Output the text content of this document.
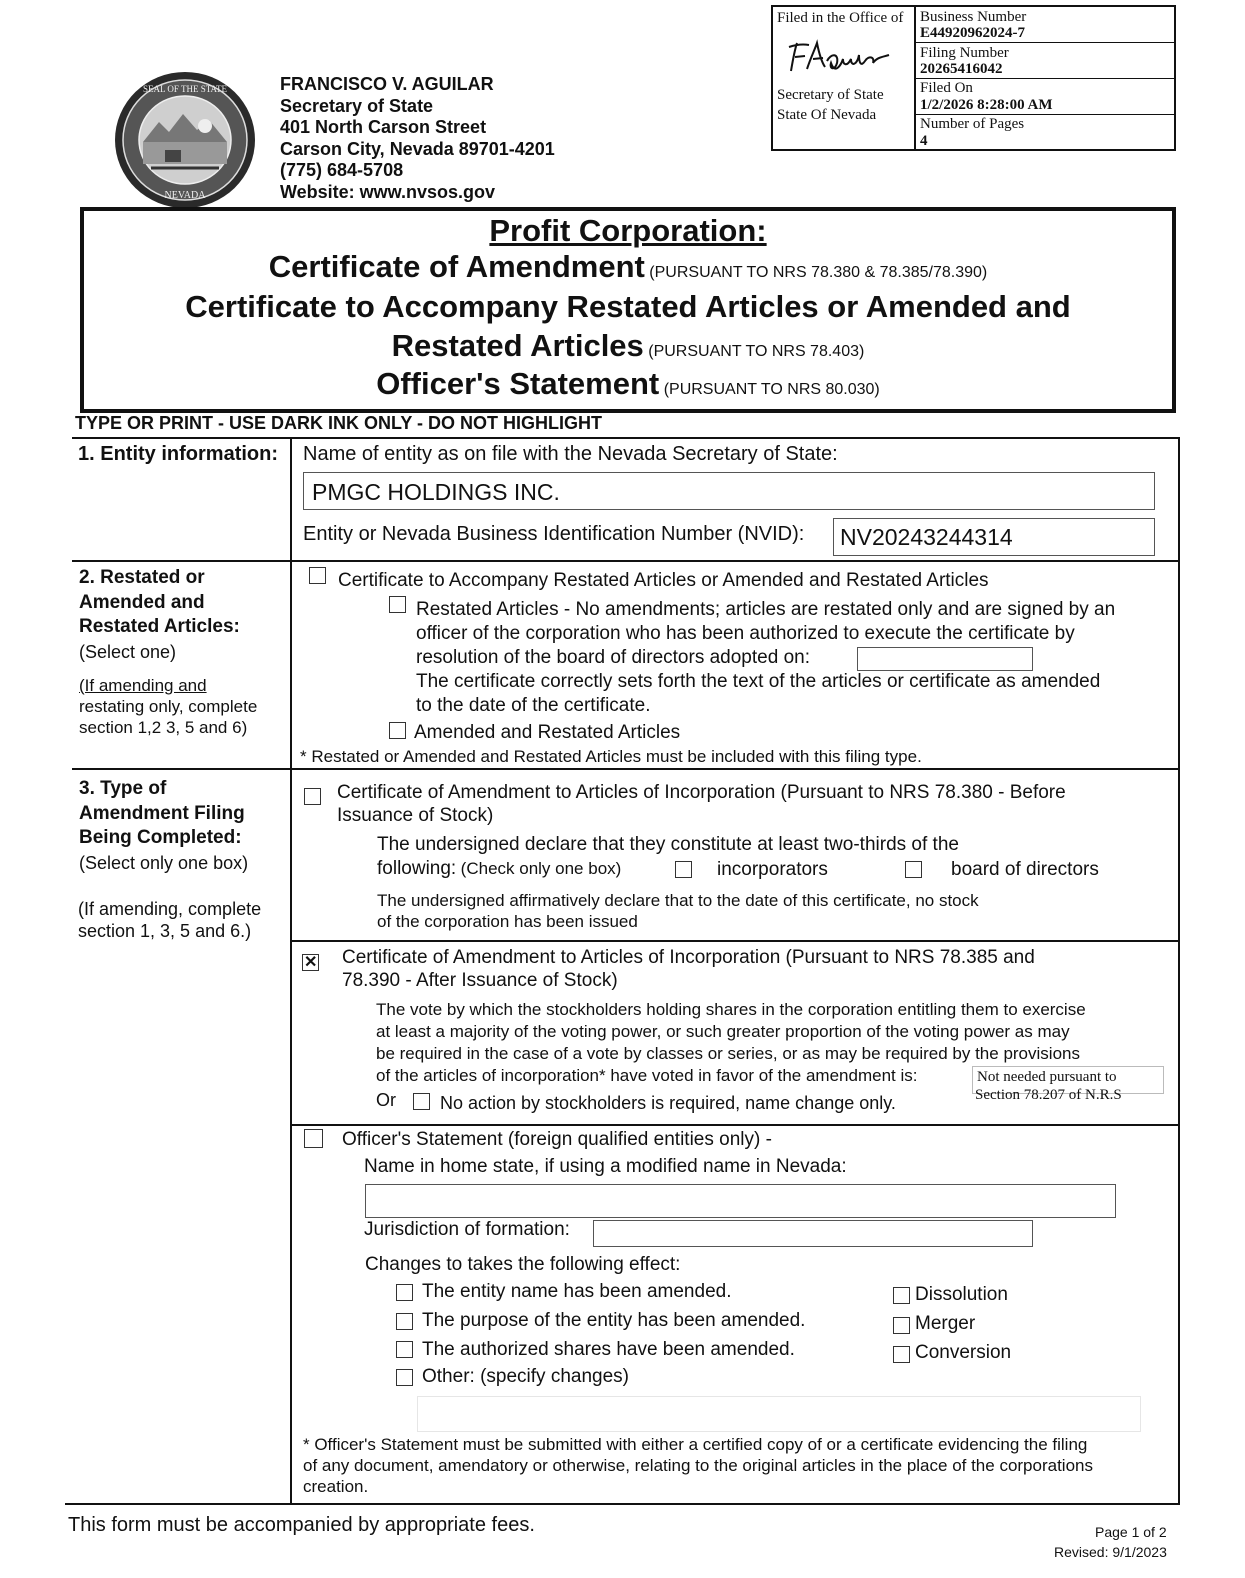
Filed in the Office of
Secretary of State
State Of Nevada
Business Number
E44920962024-7
Filing Number
20265416042
Filed On
1/2/2026 8:28:00 AM
Number of Pages
4
NEVADA
SEAL OF THE STATE	FRANCISCO V. AGUILAR
Secretary of State
401 North Carson Street
Carson City, Nevada 89701-4201
(775) 684-5708
Website: www.nvsos.gov
Profit Corporation:
Certificate of Amendment (PURSUANT TO NRS 78.380 & 78.385/78.390)
Certificate to Accompany Restated Articles or Amended and
Restated Articles (PURSUANT TO NRS 78.403)
Officer's Statement (PURSUANT TO NRS 80.030)
TYPE OR PRINT - USE DARK INK ONLY - DO NOT HIGHLIGHT
1. Entity information: Name of entity as on file with the Nevada Secretary of State:
PMGC HOLDINGS INC.
Entity or Nevada Business Identification Number (NVID): NV20243244314
2. Restated or
Amended and
Restated Articles:
(Select one)
(If amending and
restating only, complete
section 1,2 3, 5 and 6)
Certificate to Accompany Restated Articles or Amended and Restated Articles
Restated Articles - No amendments; articles are restated only and are signed by an
officer of the corporation who has been authorized to execute the certificate by
resolution of the board of directors adopted on:
The certificate correctly sets forth the text of the articles or certificate as amended
to the date of the certificate.
Amended and Restated Articles
* Restated or Amended and Restated Articles must be included with this filing type.
3. Type of
Amendment Filing
Being Completed:
(Select only one box)
(If amending, complete
section 1, 3, 5 and 6.)
Certificate of Amendment to Articles of Incorporation (Pursuant to NRS 78.380 - Before
Issuance of Stock)
The undersigned declare that they constitute at least two-thirds of the
following: (Check only one box)	incorporators	board of directors
The undersigned affirmatively declare that to the date of this certificate, no stock
of the corporation has been issued
✕
Certificate of Amendment to Articles of Incorporation (Pursuant to NRS 78.385 and
78.390 - After Issuance of Stock)
The vote by which the stockholders holding shares in the corporation entitling them to exercise
at least a majority of the voting power, or such greater proportion of the voting power as may
be required in the case of a vote by classes or series, or as may be required by the provisions
of the articles of incorporation* have voted in favor of the amendment is:	Not needed pursuant to
Section 78.207 of N.R.S
Or No action by stockholders is required, name change only.
Officer's Statement (foreign qualified entities only) -
Name in home state, if using a modified name in Nevada:
Jurisdiction of formation:
Changes to takes the following effect:
The entity name has been amended.
The purpose of the entity has been amended.
The authorized shares have been amended.
Other: (specify changes)
Dissolution
Merger
Conversion
* Officer's Statement must be submitted with either a certified copy of or a certificate evidencing the filing
of any document, amendatory or otherwise, relating to the original articles in the place of the corporations
creation.
This form must be accompanied by appropriate fees.	Page 1 of 2
Revised: 9/1/2023
